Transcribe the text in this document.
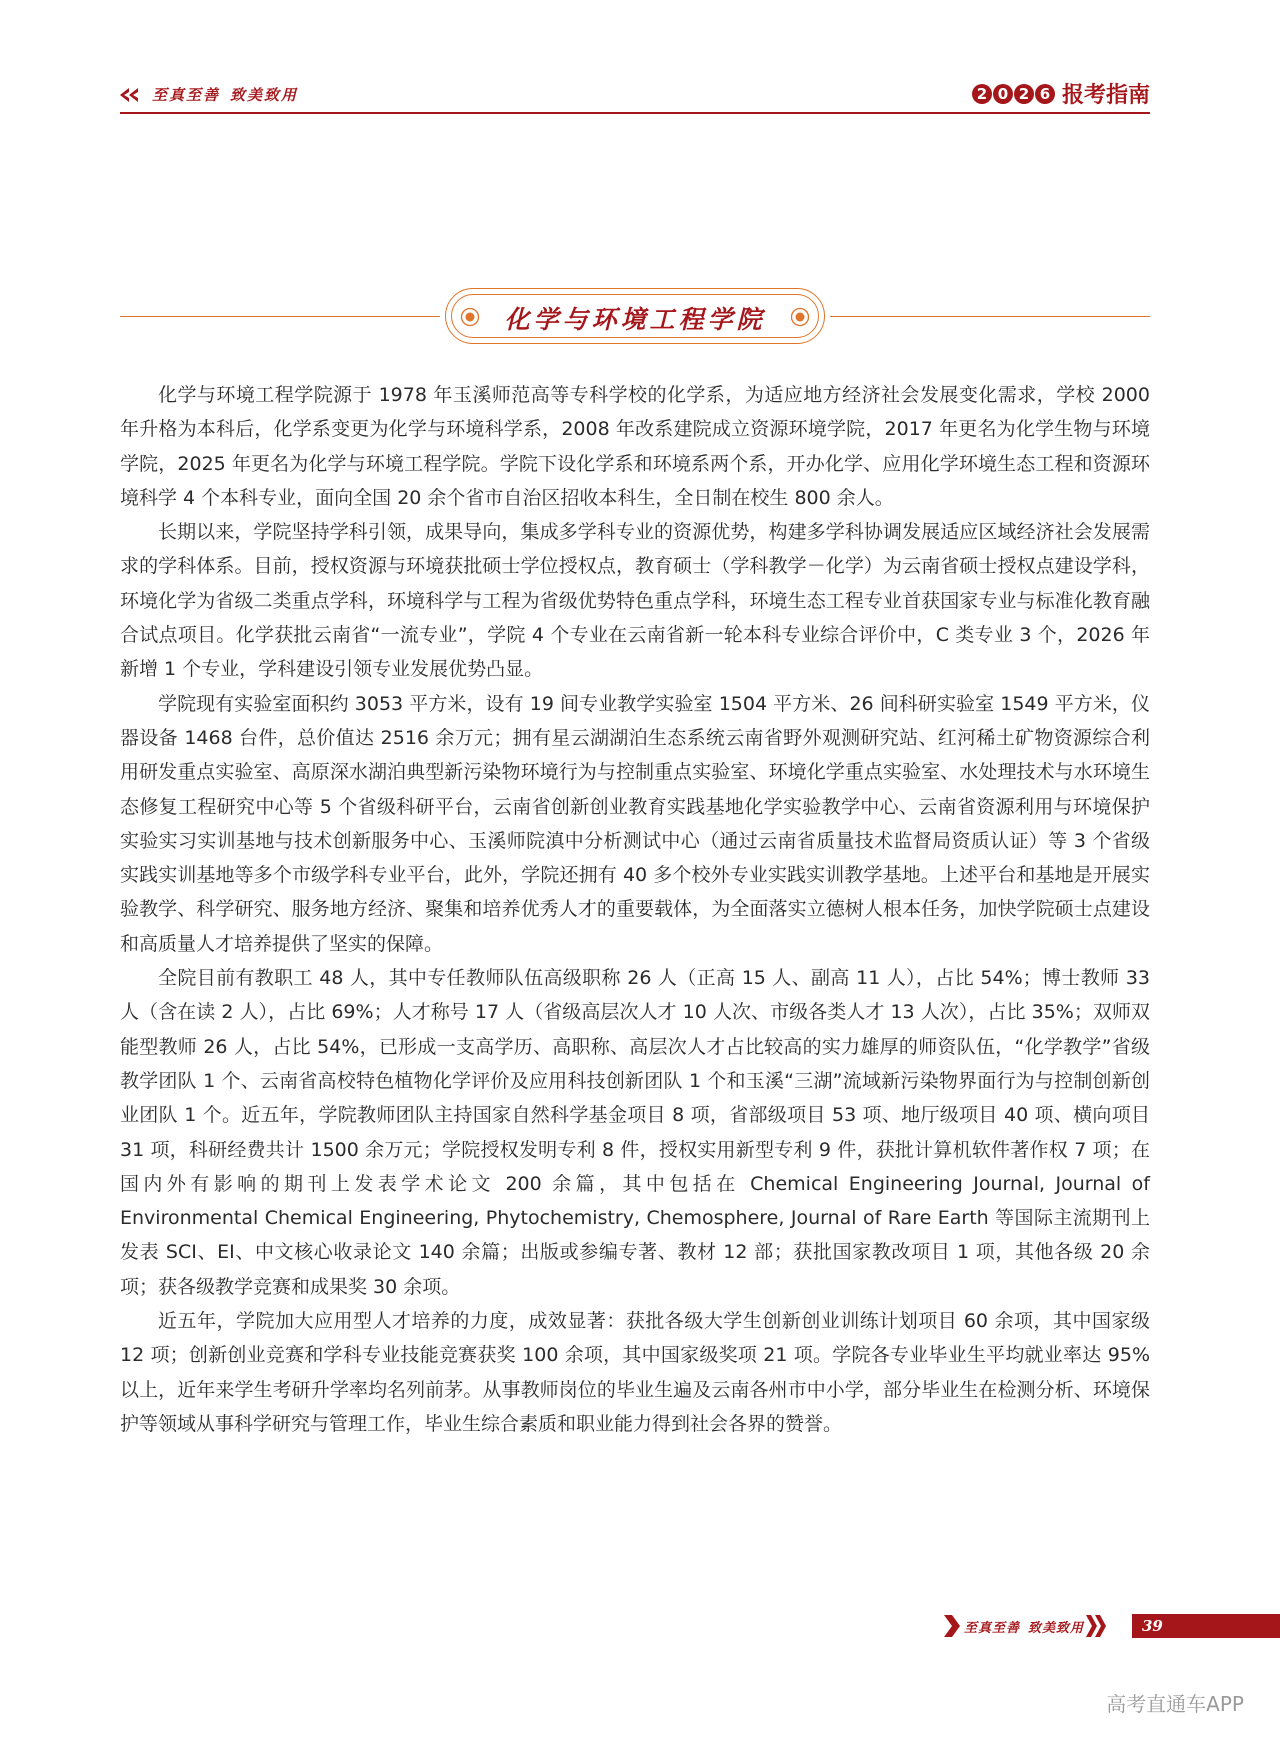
至真至善 致美致用	2 0 2 6 报考指南
化学与环境工程学院

化学与环境工程学院源于 1978 年玉溪师范高等专科学校的化学系，为适应地方经济社会发展变化需求，学校 2000 年升格为本科后，化学系变更为化学与环境科学系，2008 年改系建院成立资源环境学院，2017 年更名为化学生物与环境学院，2025 年更名为化学与环境工程学院。学院下设化学系和环境系两个系，开办化学、应用化学环境生态工程和资源环境科学 4 个本科专业，面向全国 20 余个省市自治区招收本科生，全日制在校生 800 余人。

长期以来，学院坚持学科引领，成果导向，集成多学科专业的资源优势，构建多学科协调发展适应区域经济社会发展需求的学科体系。目前，授权资源与环境获批硕士学位授权点，教育硕士（学科教学－化学）为云南省硕士授权点建设学科，环境化学为省级二类重点学科，环境科学与工程为省级优势特色重点学科，环境生态工程专业首获国家专业与标准化教育融合试点项目。化学获批云南省“一流专业”，学院 4 个专业在云南省新一轮本科专业综合评价中，C 类专业 3 个，2026 年新增 1 个专业，学科建设引领专业发展优势凸显。

学院现有实验室面积约 3053 平方米，设有 19 间专业教学实验室 1504 平方米、26 间科研实验室 1549 平方米，仪器设备 1468 台件，总价值达 2516 余万元；拥有星云湖湖泊生态系统云南省野外观测研究站、红河稀土矿物资源综合利用研发重点实验室、高原深水湖泊典型新污染物环境行为与控制重点实验室、环境化学重点实验室、水处理技术与水环境生态修复工程研究中心等 5 个省级科研平台，云南省创新创业教育实践基地化学实验教学中心、云南省资源利用与环境保护实验实习实训基地与技术创新服务中心、玉溪师院滇中分析测试中心（通过云南省质量技术监督局资质认证）等 3 个省级实践实训基地等多个市级学科专业平台，此外，学院还拥有 40 多个校外专业实践实训教学基地。上述平台和基地是开展实验教学、科学研究、服务地方经济、聚集和培养优秀人才的重要载体，为全面落实立德树人根本任务，加快学院硕士点建设和高质量人才培养提供了坚实的保障。

全院目前有教职工 48 人，其中专任教师队伍高级职称 26 人（正高 15 人、副高 11 人），占比 54%；博士教师 33 人（含在读 2 人），占比 69%；人才称号 17 人（省级高层次人才 10 人次、市级各类人才 13 人次），占比 35%；双师双能型教师 26 人，占比 54%，已形成一支高学历、高职称、高层次人才占比较高的实力雄厚的师资队伍，“化学教学”省级教学团队 1 个、云南省高校特色植物化学评价及应用科技创新团队 1 个和玉溪“三湖”流域新污染物界面行为与控制创新创业团队 1 个。近五年，学院教师团队主持国家自然科学基金项目 8 项，省部级项目 53 项、地厅级项目 40 项、横向项目 31 项，科研经费共计 1500 余万元；学院授权发明专利 8 件，授权实用新型专利 9 件，获批计算机软件著作权 7 项；在国内外有影响的期刊上发表学术论文 200 余篇，其中包括在 Chemical Engineering Journal, Journal of Environmental Chemical Engineering, Phytochemistry, Chemosphere, Journal of Rare Earth 等国际主流期刊上发表 SCI、EI、中文核心收录论文 140 余篇；出版或参编专著、教材 12 部；获批国家教改项目 1 项，其他各级 20 余项；获各级教学竞赛和成果奖 30 余项。

近五年，学院加大应用型人才培养的力度，成效显著：获批各级大学生创新创业训练计划项目 60 余项，其中国家级 12 项；创新创业竞赛和学科专业技能竞赛获奖 100 余项，其中国家级奖项 21 项。学院各专业毕业生平均就业率达 95% 以上，近年来学生考研升学率均名列前茅。从事教师岗位的毕业生遍及云南各州市中小学，部分毕业生在检测分析、环境保护等领域从事科学研究与管理工作，毕业生综合素质和职业能力得到社会各界的赞誉。

至真至善 致美致用	39
高考直通车APP
